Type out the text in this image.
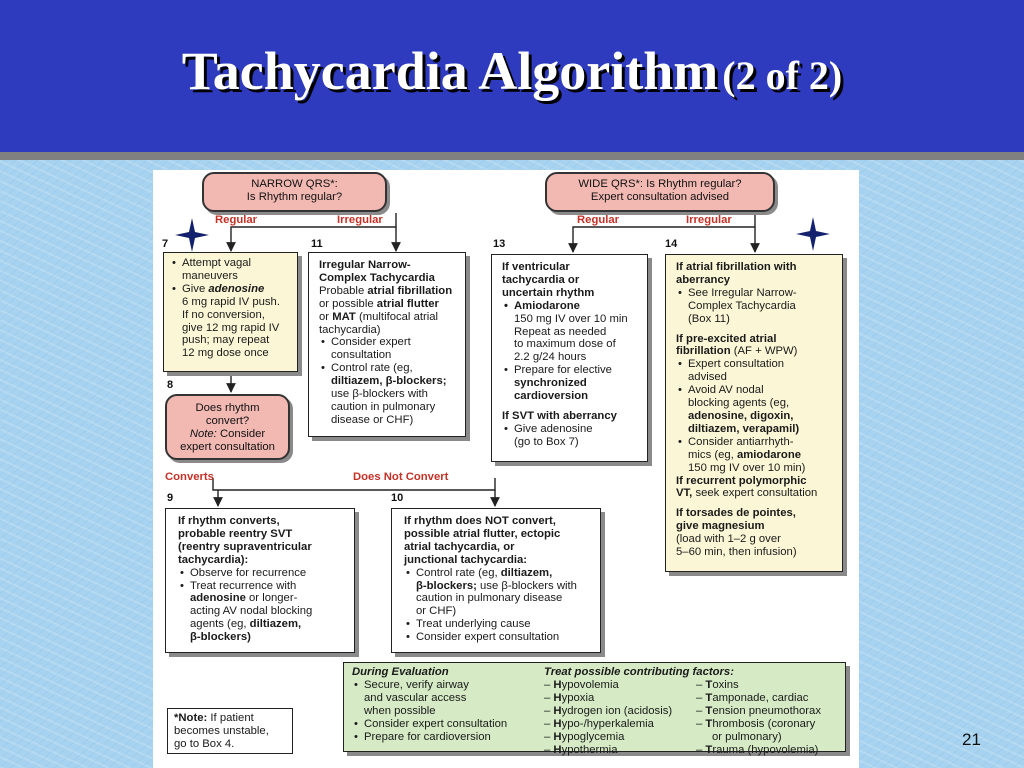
Tachycardia Algorithm (2 of 2)
NARROW QRS*:
Is Rhythm regular?
WIDE QRS*: Is Rhythm regular?
Expert consultation advised
Regular	Irregular	Regular	Irregular
7	11	13	14
8
9	10
• Attempt vagal
maneuvers
• Give adenosine
6 mg rapid IV push.
If no conversion,
give 12 mg rapid IV
push; may repeat
12 mg dose once
Does rhythm
convert?
Note: Consider
expert consultation
Converts	Does Not Convert
Irregular Narrow-
Complex Tachycardia
Probable atrial fibrillation
or possible atrial flutter
or MAT (multifocal atrial
tachycardia)
• Consider expert
consultation
• Control rate (eg,
diltiazem, β-blockers;
use β-blockers with
caution in pulmonary
disease or CHF)
If ventricular
tachycardia or
uncertain rhythm
• Amiodarone
150 mg IV over 10 min
Repeat as needed
to maximum dose of
2.2 g/24 hours
• Prepare for elective
synchronized
cardioversion
If SVT with aberrancy
• Give adenosine
(go to Box 7)
If atrial fibrillation with
aberrancy
• See Irregular Narrow-
Complex Tachycardia
(Box 11)
If pre-excited atrial
fibrillation (AF + WPW)
• Expert consultation
advised
• Avoid AV nodal
blocking agents (eg,
adenosine, digoxin,
diltiazem, verapamil)
• Consider antiarrhyth-
mics (eg, amiodarone
150 mg IV over 10 min)
If recurrent polymorphic
VT, seek expert consultation
If torsades de pointes,
give magnesium
(load with 1–2 g over
5–60 min, then infusion)
If rhythm converts,
probable reentry SVT
(reentry supraventricular
tachycardia):
• Observe for recurrence
• Treat recurrence with
adenosine or longer-
acting AV nodal blocking
agents (eg, diltiazem,
β-blockers)
If rhythm does NOT convert,
possible atrial flutter, ectopic
atrial tachycardia, or
junctional tachycardia:
• Control rate (eg, diltiazem,
β-blockers; use β-blockers with
caution in pulmonary disease
or CHF)
• Treat underlying cause
• Consider expert consultation
During Evaluation
• Secure, verify airway
and vascular access
when possible
• Consider expert consultation
• Prepare for cardioversion
Treat possible contributing factors:
– Hypovolemia
– Hypoxia
– Hydrogen ion (acidosis)
– Hypo-/hyperkalemia
– Hypoglycemia
– Hypothermia
– Toxins
– Tamponade, cardiac
– Tension pneumothorax
– Thrombosis (coronary
or pulmonary)
– Trauma (hypovolemia)
*Note: If patient
becomes unstable,
go to Box 4.	21
